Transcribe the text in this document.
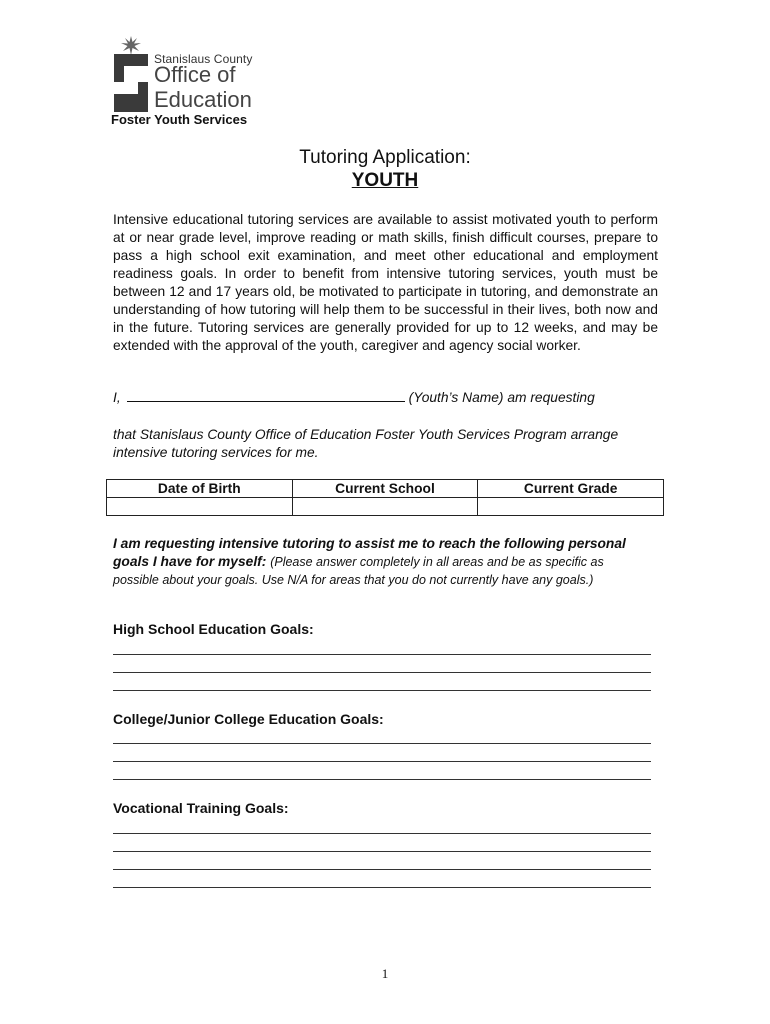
Stanislaus County
Office of
Education
Foster Youth Services
Tutoring Application:
YOUTH

Intensive educational tutoring services are available to assist motivated youth to perform at or near grade level, improve reading or math skills, finish difficult courses, prepare to pass a high school exit examination, and meet other educational and employment readiness goals. In order to benefit from intensive tutoring services, youth must be between 12 and 17 years old, be motivated to participate in tutoring, and demonstrate an understanding of how tutoring will help them to be successful in their lives, both now and in the future. Tutoring services are generally provided for up to 12 weeks, and may be extended with the approval of the youth, caregiver and agency social worker.

I,	(Youth’s Name) am requesting

that Stanislaus County Office of Education Foster Youth Services Program arrange intensive tutoring services for me.

Date of Birth	Current School	Current Grade

I am requesting intensive tutoring to assist me to reach the following personal goals I have for myself: (Please answer completely in all areas and be as specific as possible about your goals. Use N/A for areas that you do not currently have any goals.)

High School Education Goals:
College/Junior College Education Goals:
Vocational Training Goals:
1
